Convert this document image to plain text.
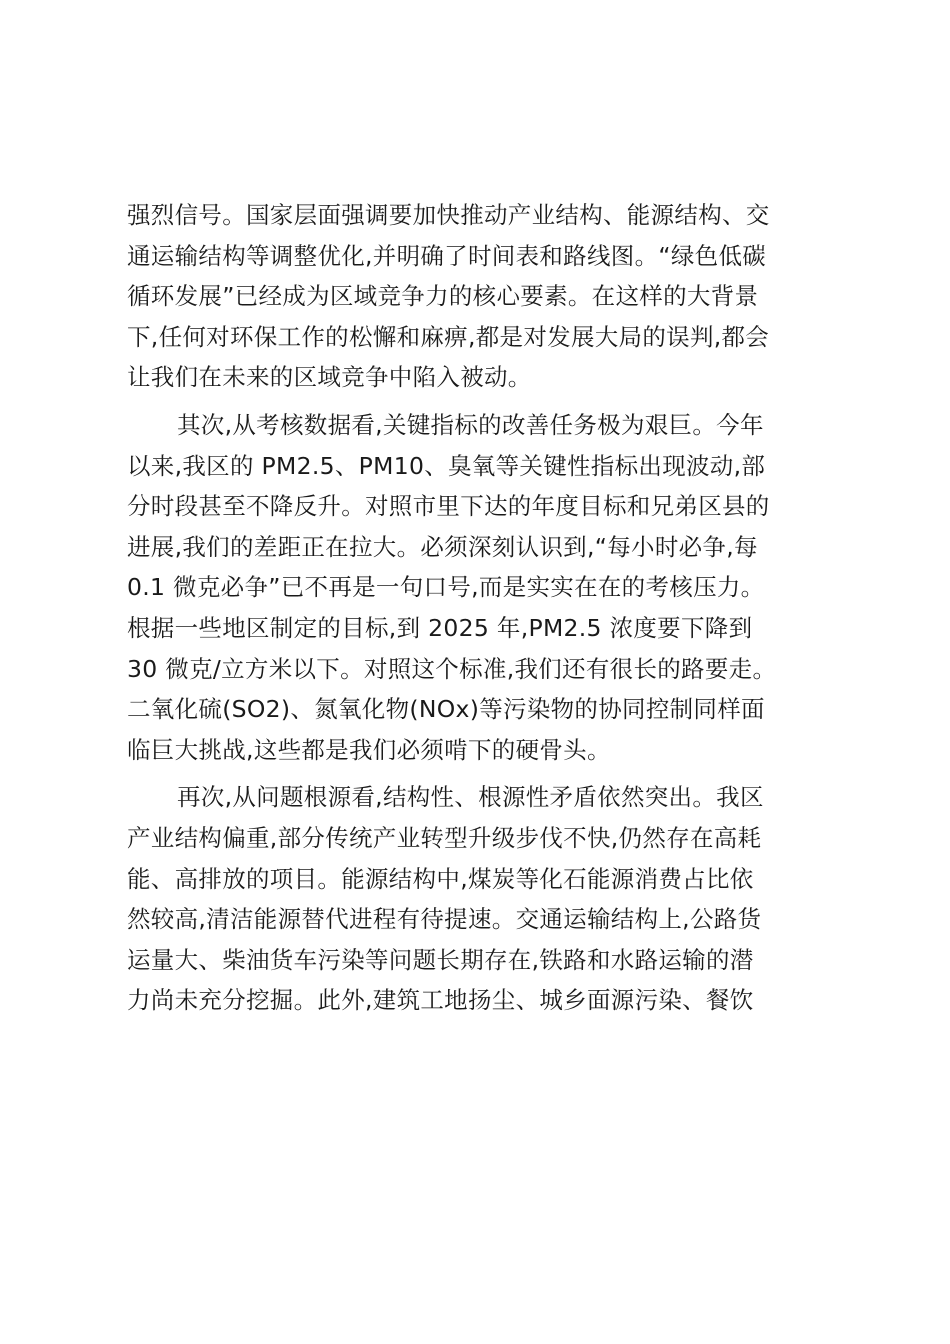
强烈信号。国家层面强调要加快推动产业结构、能源结构、交
通运输结构等调整优化,并明确了时间表和路线图。“绿色低碳
循环发展”已经成为区域竞争力的核心要素。在这样的大背景
下,任何对环保工作的松懈和麻痹,都是对发展大局的误判,都会
让我们在未来的区域竞争中陷入被动。
其次,从考核数据看,关键指标的改善任务极为艰巨。今年
以来,我区的 PM2.5、PM10、臭氧等关键性指标出现波动,部
分时段甚至不降反升。对照市里下达的年度目标和兄弟区县的
进展,我们的差距正在拉大。必须深刻认识到,“每小时必争,每
0.1 微克必争”已不再是一句口号,而是实实在在的考核压力。
根据一些地区制定的目标,到 2025 年,PM2.5 浓度要下降到
30 微克/立方米以下。对照这个标准,我们还有很长的路要走。
二氧化硫(SO2)、氮氧化物(NOx)等污染物的协同控制同样面
临巨大挑战,这些都是我们必须啃下的硬骨头。
再次,从问题根源看,结构性、根源性矛盾依然突出。我区
产业结构偏重,部分传统产业转型升级步伐不快,仍然存在高耗
能、高排放的项目。能源结构中,煤炭等化石能源消费占比依
然较高,清洁能源替代进程有待提速。交通运输结构上,公路货
运量大、柴油货车污染等问题长期存在,铁路和水路运输的潜
力尚未充分挖掘。此外,建筑工地扬尘、城乡面源污染、餐饮
